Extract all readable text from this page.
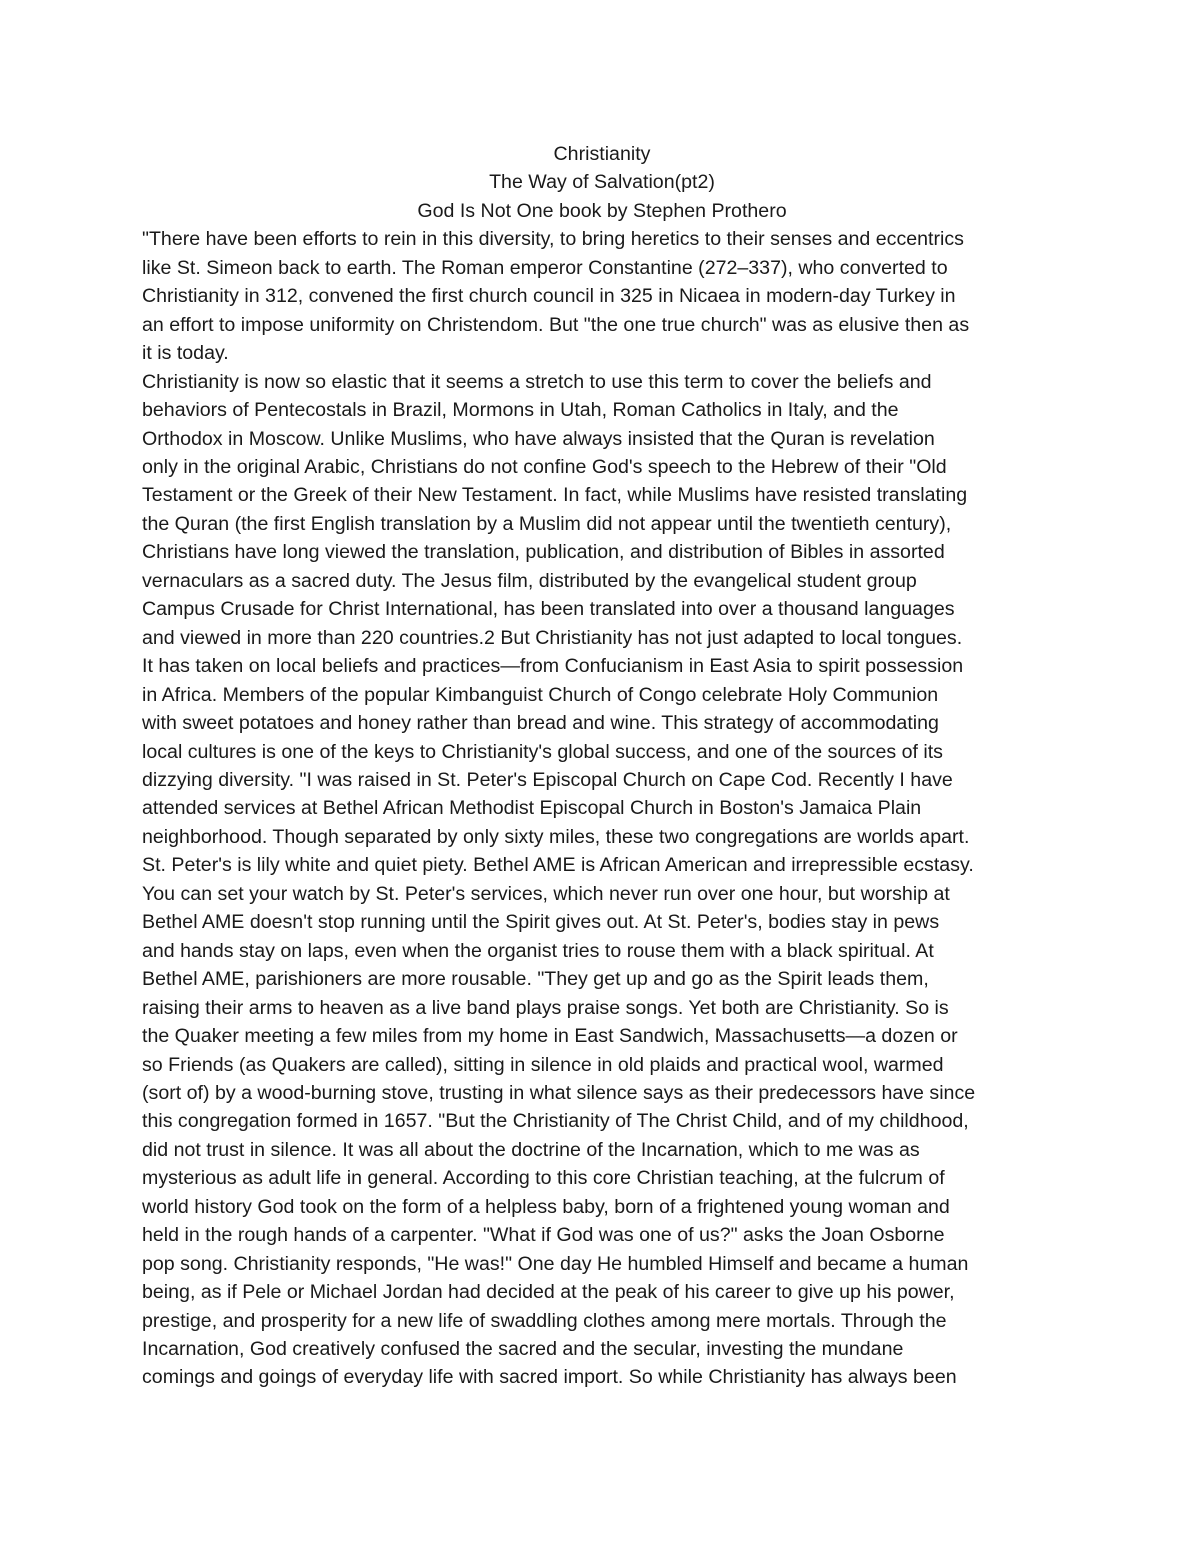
Christianity

The Way of Salvation(pt2)

God Is Not One book by Stephen Prothero

"There have been efforts to rein in this diversity, to bring heretics to their senses and eccentrics
like St. Simeon back to earth. The Roman emperor Constantine (272–337), who converted to
Christianity in 312, convened the first church council in 325 in Nicaea in modern-day Turkey in
an effort to impose uniformity on Christendom. But "the one true church" was as elusive then as
it is today.
Christianity is now so elastic that it seems a stretch to use this term to cover the beliefs and
behaviors of Pentecostals in Brazil, Mormons in Utah, Roman Catholics in Italy, and the
Orthodox in Moscow. Unlike Muslims, who have always insisted that the Quran is revelation
only in the original Arabic, Christians do not confine God's speech to the Hebrew of their "Old
Testament or the Greek of their New Testament. In fact, while Muslims have resisted translating
the Quran (the first English translation by a Muslim did not appear until the twentieth century),
Christians have long viewed the translation, publication, and distribution of Bibles in assorted
vernaculars as a sacred duty. The Jesus film, distributed by the evangelical student group
Campus Crusade for Christ International, has been translated into over a thousand languages
and viewed in more than 220 countries.2 But Christianity has not just adapted to local tongues.
It has taken on local beliefs and practices—from Confucianism in East Asia to spirit possession
in Africa. Members of the popular Kimbanguist Church of Congo celebrate Holy Communion
with sweet potatoes and honey rather than bread and wine. This strategy of accommodating
local cultures is one of the keys to Christianity's global success, and one of the sources of its
dizzying diversity. "I was raised in St. Peter's Episcopal Church on Cape Cod. Recently I have
attended services at Bethel African Methodist Episcopal Church in Boston's Jamaica Plain
neighborhood. Though separated by only sixty miles, these two congregations are worlds apart.
St. Peter's is lily white and quiet piety. Bethel AME is African American and irrepressible ecstasy.
You can set your watch by St. Peter's services, which never run over one hour, but worship at
Bethel AME doesn't stop running until the Spirit gives out. At St. Peter's, bodies stay in pews
and hands stay on laps, even when the organist tries to rouse them with a black spiritual. At
Bethel AME, parishioners are more rousable. "They get up and go as the Spirit leads them,
raising their arms to heaven as a live band plays praise songs. Yet both are Christianity. So is
the Quaker meeting a few miles from my home in East Sandwich, Massachusetts—a dozen or
so Friends (as Quakers are called), sitting in silence in old plaids and practical wool, warmed
(sort of) by a wood-burning stove, trusting in what silence says as their predecessors have since
this congregation formed in 1657. "But the Christianity of The Christ Child, and of my childhood,
did not trust in silence. It was all about the doctrine of the Incarnation, which to me was as
mysterious as adult life in general. According to this core Christian teaching, at the fulcrum of
world history God took on the form of a helpless baby, born of a frightened young woman and
held in the rough hands of a carpenter. "What if God was one of us?" asks the Joan Osborne
pop song. Christianity responds, "He was!" One day He humbled Himself and became a human
being, as if Pele or Michael Jordan had decided at the peak of his career to give up his power,
prestige, and prosperity for a new life of swaddling clothes among mere mortals. Through the
Incarnation, God creatively confused the sacred and the secular, investing the mundane
comings and goings of everyday life with sacred import. So while Christianity has always been
